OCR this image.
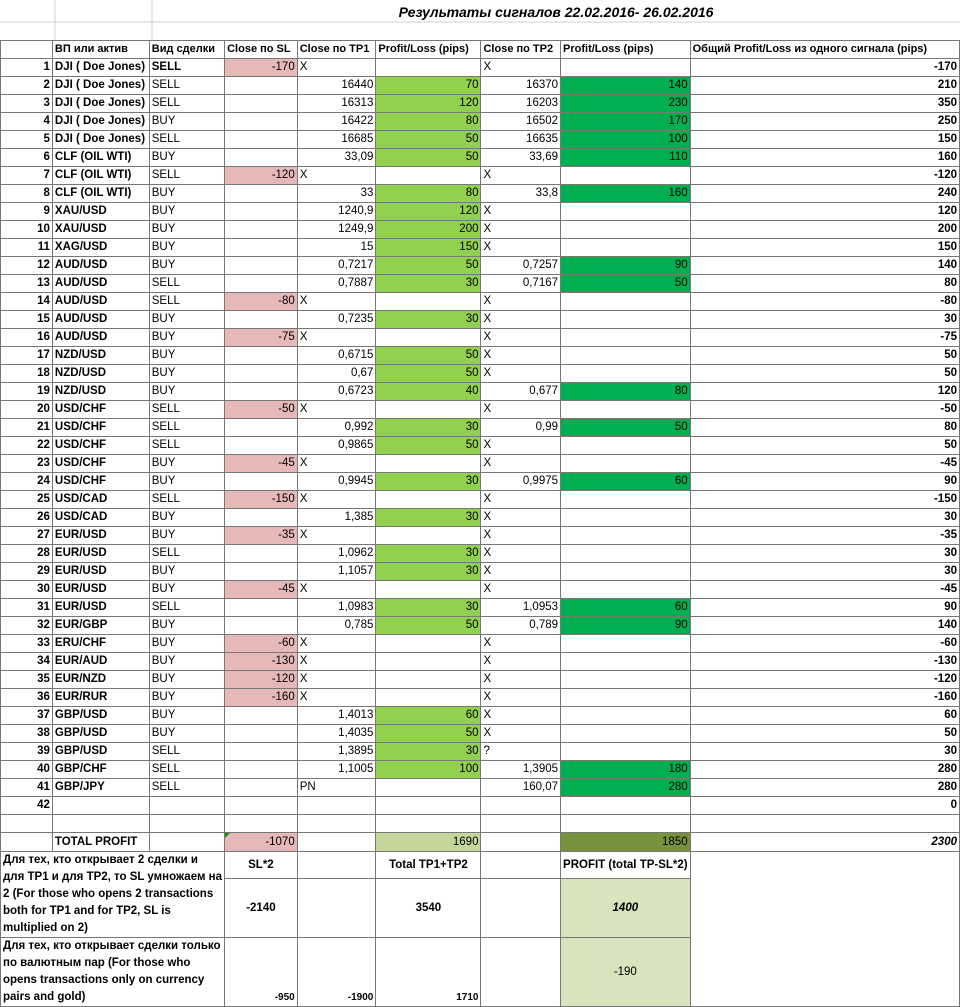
Результаты сигналов 22.02.2016- 26.02.2016
	ВП или актив	Вид сделки	Close по SL	Close по TP1	Profit/Loss (pips)	Close по TP2	Profit/Loss (pips)	Общий Profit/Loss из одного сигнала (pips)
1	DJI ( Doe Jones)	SELL	-170	X		X		-170
2	DJI ( Doe Jones)	SELL		16440	70	16370	140	210
3	DJI ( Doe Jones)	SELL		16313	120	16203	230	350
4	DJI ( Doe Jones)	BUY		16422	80	16502	170	250
5	DJI ( Doe Jones)	SELL		16685	50	16635	100	150
6	CLF (OIL WTI)	BUY		33,09	50	33,69	110	160
7	CLF (OIL WTI)	SELL	-120	X		X		-120
8	CLF (OIL WTI)	BUY		33	80	33,8	160	240
9	XAU/USD	BUY		1240,9	120	X		120
10	XAU/USD	BUY		1249,9	200	X		200
11	XAG/USD	BUY		15	150	X		150
12	AUD/USD	BUY		0,7217	50	0,7257	90	140
13	AUD/USD	SELL		0,7887	30	0,7167	50	80
14	AUD/USD	SELL	-80	X		X		-80
15	AUD/USD	BUY		0,7235	30	X		30
16	AUD/USD	BUY	-75	X		X		-75
17	NZD/USD	BUY		0,6715	50	X		50
18	NZD/USD	BUY		0,67	50	X		50
19	NZD/USD	BUY		0,6723	40	0,677	80	120
20	USD/CHF	SELL	-50	X		X		-50
21	USD/CHF	SELL		0,992	30	0,99	50	80
22	USD/CHF	SELL		0,9865	50	X		50
23	USD/CHF	BUY	-45	X		X		-45
24	USD/CHF	BUY		0,9945	30	0,9975	60	90
25	USD/CAD	SELL	-150	X		X		-150
26	USD/CAD	BUY		1,385	30	X		30
27	EUR/USD	BUY	-35	X		X		-35
28	EUR/USD	SELL		1,0962	30	X		30
29	EUR/USD	BUY		1,1057	30	X		30
30	EUR/USD	BUY	-45	X		X		-45
31	EUR/USD	SELL		1,0983	30	1,0953	60	90
32	EUR/GBP	BUY		0,785	50	0,789	90	140
33	ERU/CHF	BUY	-60	X		X		-60
34	EUR/AUD	BUY	-130	X		X		-130
35	EUR/NZD	BUY	-120	X		X		-120
36	EUR/RUR	BUY	-160	X		X		-160
37	GBP/USD	BUY		1,4013	60	X		60
38	GBP/USD	BUY		1,4035	50	X		50
39	GBP/USD	SELL		1,3895	30	?		30
40	GBP/CHF	SELL		1,1005	100	1,3905	180	280
41	GBP/JPY	SELL		PN		160,07	280	280
42								0

	TOTAL PROFIT		-1070		1690		1850	2300
Для тех, кто открывает 2 сделки и для TP1 и для TP2, то SL умножаем на 2 (For those who opens 2 transactions both for TP1 and for TP2, SL is multiplied on 2)			SL*2		Total TP1+TP2		PROFIT (total TP-SL*2)	
			-2140		3540		1400	
Для тех, кто открывает сделки только по валютным пар (For those who opens transactions only on currency pairs and gold)			-950	-1900	1710		-190	
